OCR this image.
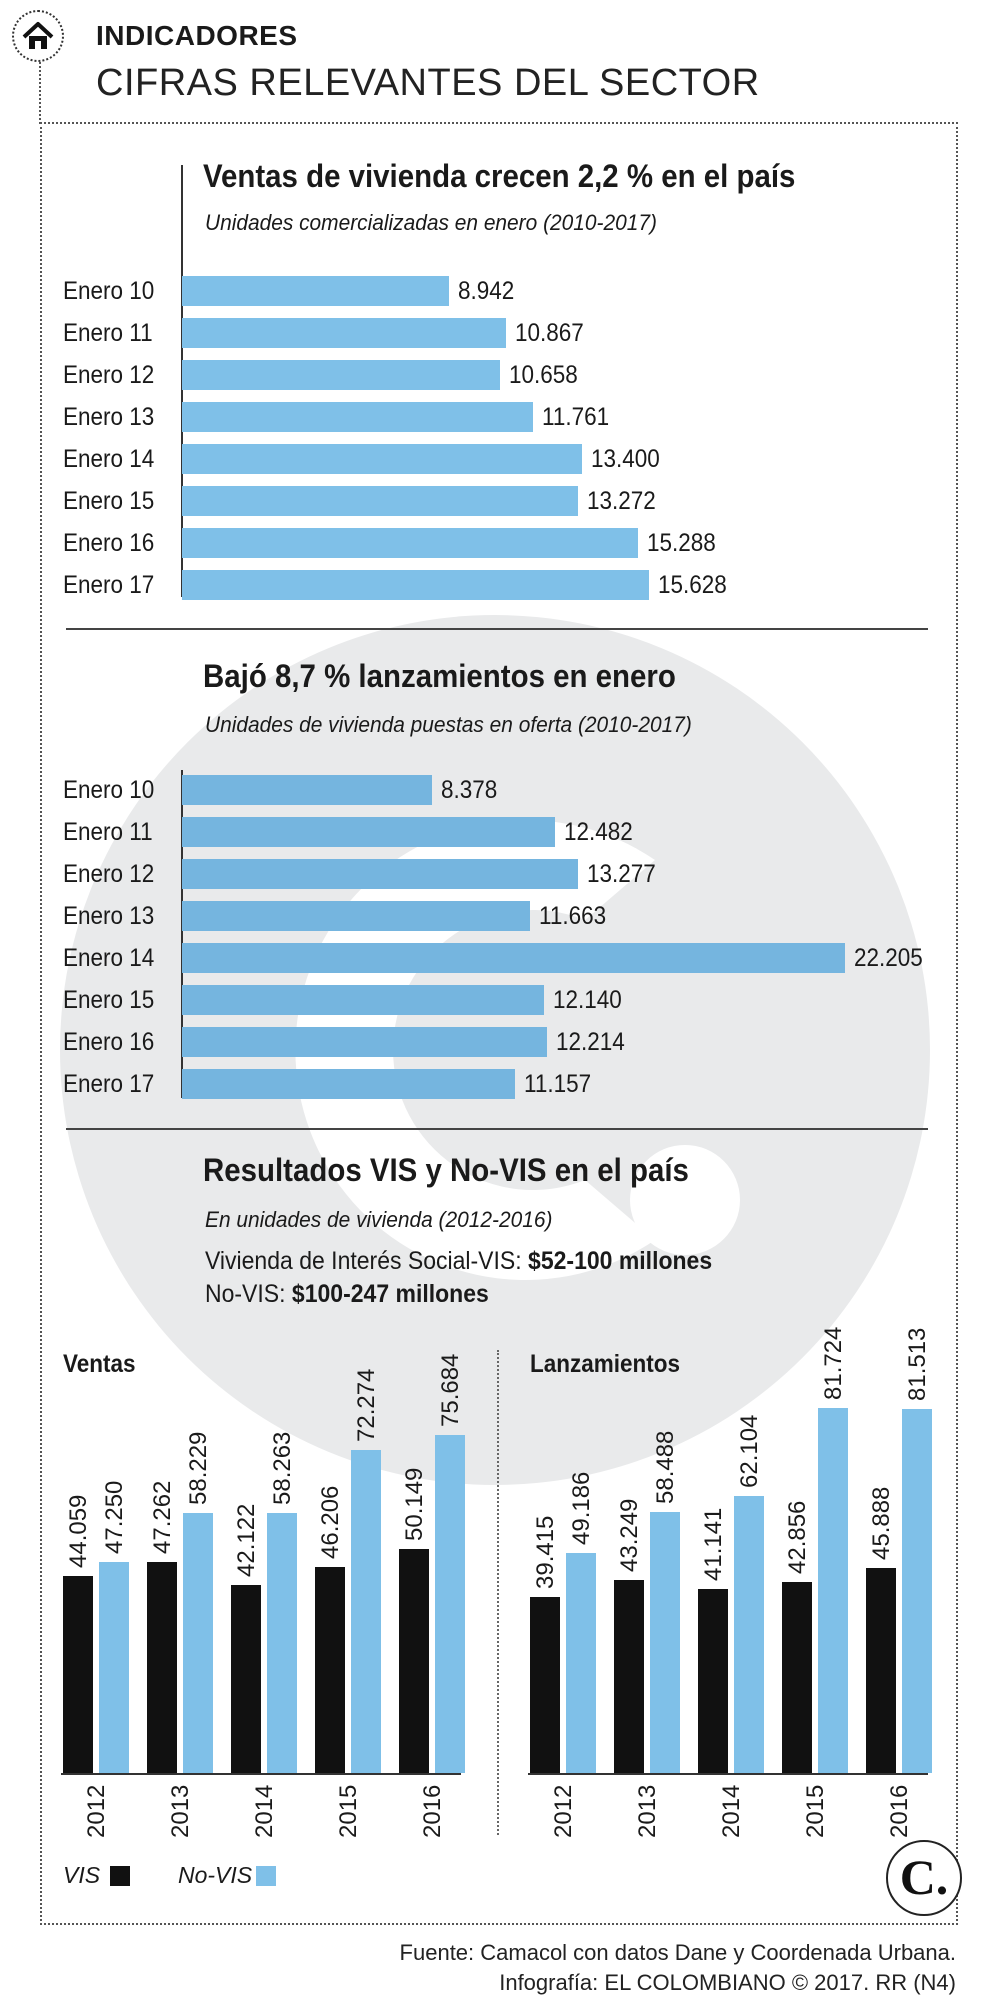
INDICADORES
CIFRAS RELEVANTES DEL SECTOR
Ventas de vivienda crecen 2,2 % en el país
Unidades comercializadas en enero (2010-2017)
Enero 10	8.942
Enero 11	10.867
Enero 12	10.658
Enero 13	11.761
Enero 14	13.400
Enero 15	13.272
Enero 16	15.288
Enero 17	15.628
Bajó 8,7 % lanzamientos en enero
Unidades de vivienda puestas en oferta (2010-2017)
Enero 10	8.378
Enero 11	12.482
Enero 12	13.277
Enero 13	11.663
Enero 14	22.205
Enero 15	12.140
Enero 16	12.214
Enero 17	11.157
Resultados VIS y No-VIS en el país
En unidades de vivienda (2012-2016)
Vivienda de Interés Social-VIS: $52-100 millones
No-VIS: $100-247 millones
Ventas	Lanzamientos
44.059 47.250
2012
47.262
58.229
2013
42.122
58.263
2014
46.206
72.274
2015
50.149
75.684
2016
39.415
49.186
2012
43.249
58.488
2013
41.141
62.104
2014
42.856
81.724
2015
45.888
81.513
2016
VIS	No-VIS	C.
Fuente: Camacol con datos Dane y Coordenada Urbana.
Infografía: EL COLOMBIANO © 2017. RR (N4)
